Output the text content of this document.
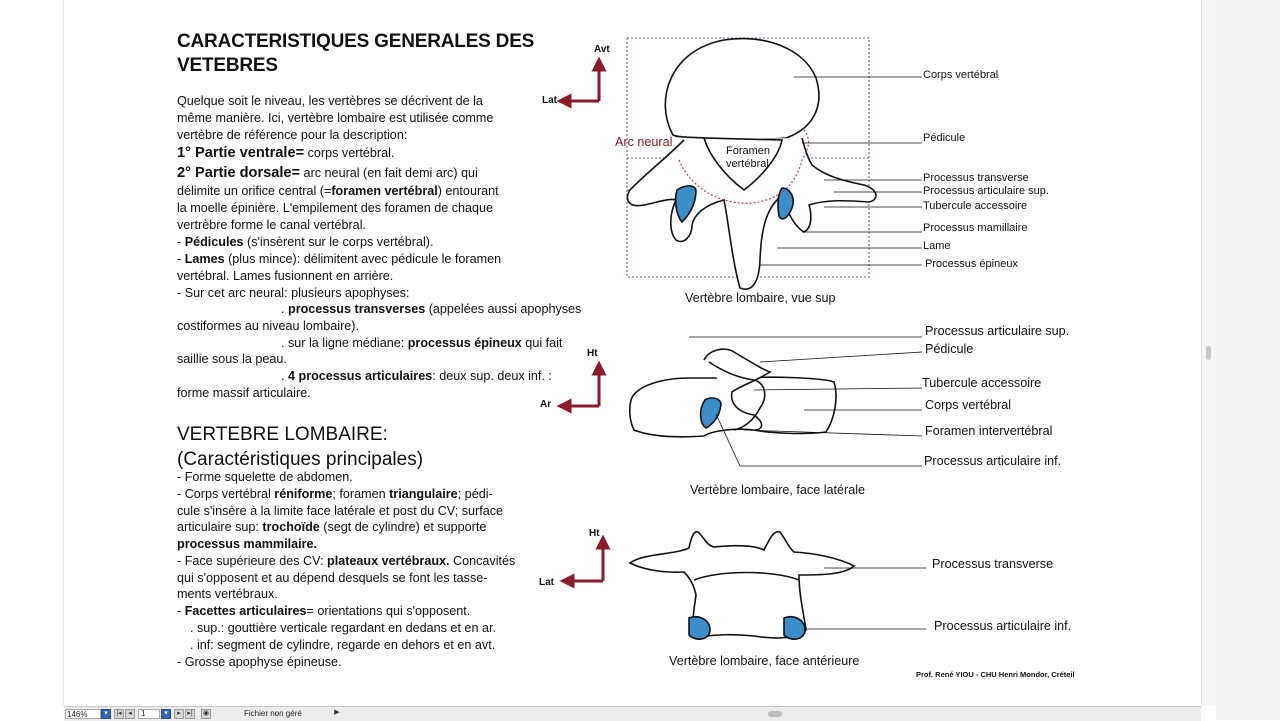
CARACTERISTIQUES GENERALES DES
VETEBRES
Quelque soit le niveau, les vertèbres se décrivent de la
même manière. Ici, vertèbre lombaire est utilisée comme
vertèbre de référence pour la description:
1° Partie ventrale= corps vertébral.
2° Partie dorsale= arc neural (en fait demi arc) qui
délimite un orifice central (=foramen vertébral) entourant
la moelle épinière. L'empilement des foramen de chaque
vertrèbre forme le canal vertébral.
- Pédicules (s'insèrent sur le corps vertébral).
- Lames (plus mince): délimitent avec pédicule le foramen
vertébral. Lames fusionnent en arrière.
- Sur cet arc neural: plusieurs apophyses:
. processus transverses (appelées aussi apophyses
costiformes au niveau lombaire).
. sur la ligne médiane: processus épineux qui fait
saillie sous la peau.
. 4 processus articulaires: deux sup. deux inf. :
forme massif articulaire.
VERTEBRE LOMBAIRE:
(Caractéristiques principales)
- Forme squelette de abdomen.
- Corps vertébral réniforme; foramen triangulaire; pédi-
cule s'insère à la limite face latérale et post du CV; surface
articulaire sup: trochoïde (segt de cylindre) et supporte
processus mammilaire.
- Face supérieure des CV: plateaux vertébraux. Concavités
qui s'opposent et au dépend desquels se font les tasse-
ments vertébraux.
- Facettes articulaires= orientations qui s'opposent.
. sup.: gouttière verticale regardant en dedans et en ar.
. inf: segment de cylindre, regarde en dehors et en avt.
- Grosse apophyse épineuse.
Avt
Lat
Arc neural
Foramen
vertébral
Corps vertébral
Pédicule
Processus transverse
Processus articulaire sup.
Tubercule accessoire
Processus mamillaire
Lame
Processus épineux
Vertèbre lombaire, vue sup
Ht
Ar
Processus articulaire sup.
Pédicule
Tubercule accessoire
Corps vertébral
Foramen intervertébral
Processus articulaire inf.
Vertèbre lombaire, face latérale
Ht
Lat
Processus transverse
Processus articulaire inf.
Vertèbre lombaire, face antérieure
Prof. René YIOU - CHU Henri Mondor, Créteil
146%	▾	|◂ ◂	1	▾	▸ ▸|	◉	Fichier non géré	▶
